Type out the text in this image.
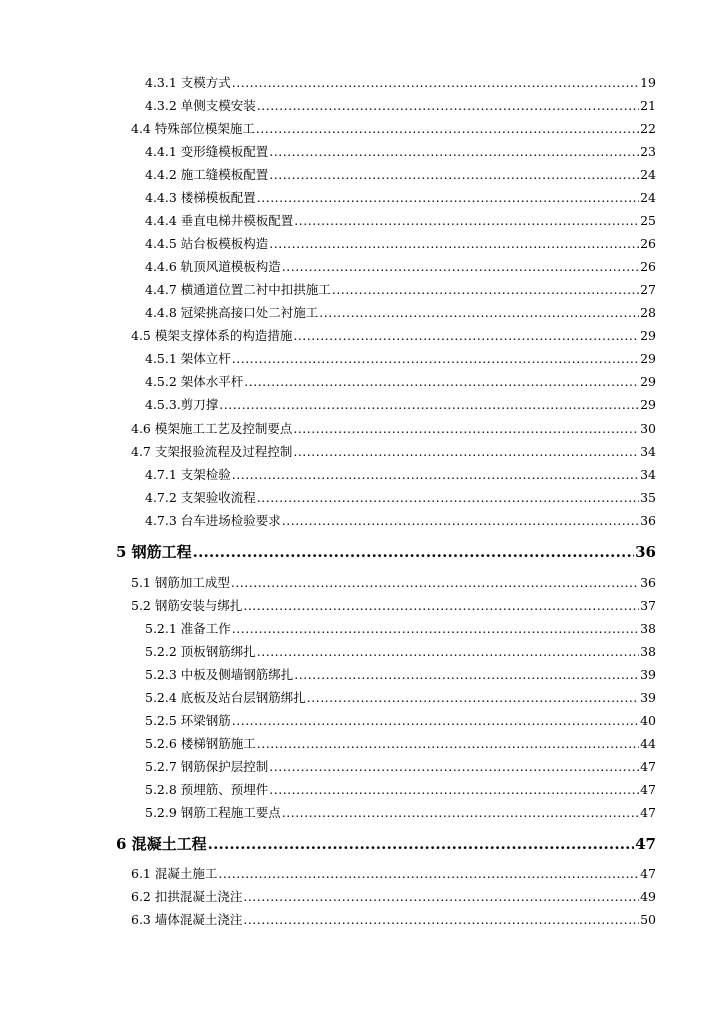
4.3.1 支模方式 .....	19
4.3.2 单侧支模安装 .....	21
4.4 特殊部位模架施工 .....	22
4.4.1 变形缝模板配置 .....	23
4.4.2 施工缝模板配置 .....	24
4.4.3 楼梯模板配置 .....	24
4.4.4 垂直电梯井模板配置 .....	25
4.4.5 站台板模板构造 .....	26
4.4.6 轨顶风道模板构造 .....	26
4.4.7 横通道位置二衬中扣拱施工 .....	27
4.4.8 冠梁挑高接口处二衬施工 .....	28
4.5 模架支撑体系的构造措施 .....	29
4.5.1 架体立杆 .....	29
4.5.2 架体水平杆 .....	29
4.5.3.剪刀撑 .....	29
4.6 模架施工工艺及控制要点 .....	30
4.7 支架报验流程及过程控制 .....	34
4.7.1 支架检验 .....	34
4.7.2 支架验收流程 .....	35
4.7.3 台车进场检验要求 .....	36
5 钢筋工程 .....	36
5.1 钢筋加工成型 .....	36
5.2 钢筋安装与绑扎 .....	37
5.2.1 准备工作 .....	38
5.2.2 顶板钢筋绑扎 .....	38
5.2.3 中板及侧墙钢筋绑扎 .....	39
5.2.4 底板及站台层钢筋绑扎 .....	39
5.2.5 环梁钢筋 .....	40
5.2.6 楼梯钢筋施工 .....	44
5.2.7 钢筋保护层控制 .....	47
5.2.8 预埋筋、预埋件 .....	47
5.2.9 钢筋工程施工要点 .....	47
6 混凝土工程 .....	47
6.1 混凝土施工 .....	47
6.2 扣拱混凝土浇注 .....	49
6.3 墙体混凝土浇注 .....	50
